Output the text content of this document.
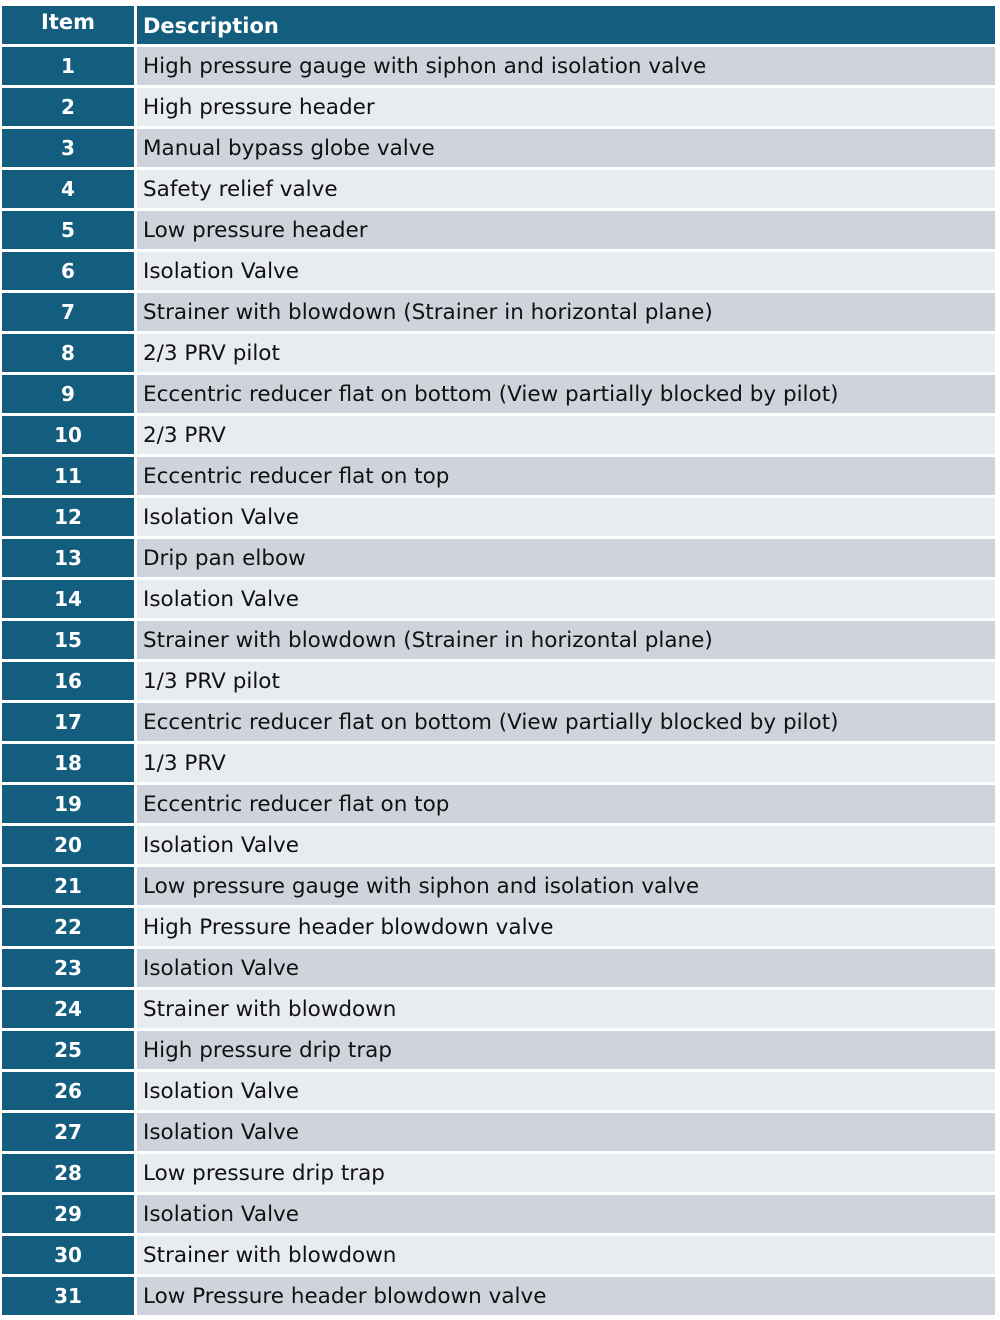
Item	Description
1	High pressure gauge with siphon and isolation valve
2	High pressure header
3	Manual bypass globe valve
4	Safety relief valve
5	Low pressure header
6	Isolation Valve
7	Strainer with blowdown (Strainer in horizontal plane)
8	2/3 PRV pilot
9	Eccentric reducer flat on bottom (View partially blocked by pilot)
10	2/3 PRV
11	Eccentric reducer flat on top
12	Isolation Valve
13	Drip pan elbow
14	Isolation Valve
15	Strainer with blowdown (Strainer in horizontal plane)
16	1/3 PRV pilot
17	Eccentric reducer flat on bottom (View partially blocked by pilot)
18	1/3 PRV
19	Eccentric reducer flat on top
20	Isolation Valve
21	Low pressure gauge with siphon and isolation valve
22	High Pressure header blowdown valve
23	Isolation Valve
24	Strainer with blowdown
25	High pressure drip trap
26	Isolation Valve
27	Isolation Valve
28	Low pressure drip trap
29	Isolation Valve
30	Strainer with blowdown
31	Low Pressure header blowdown valve
